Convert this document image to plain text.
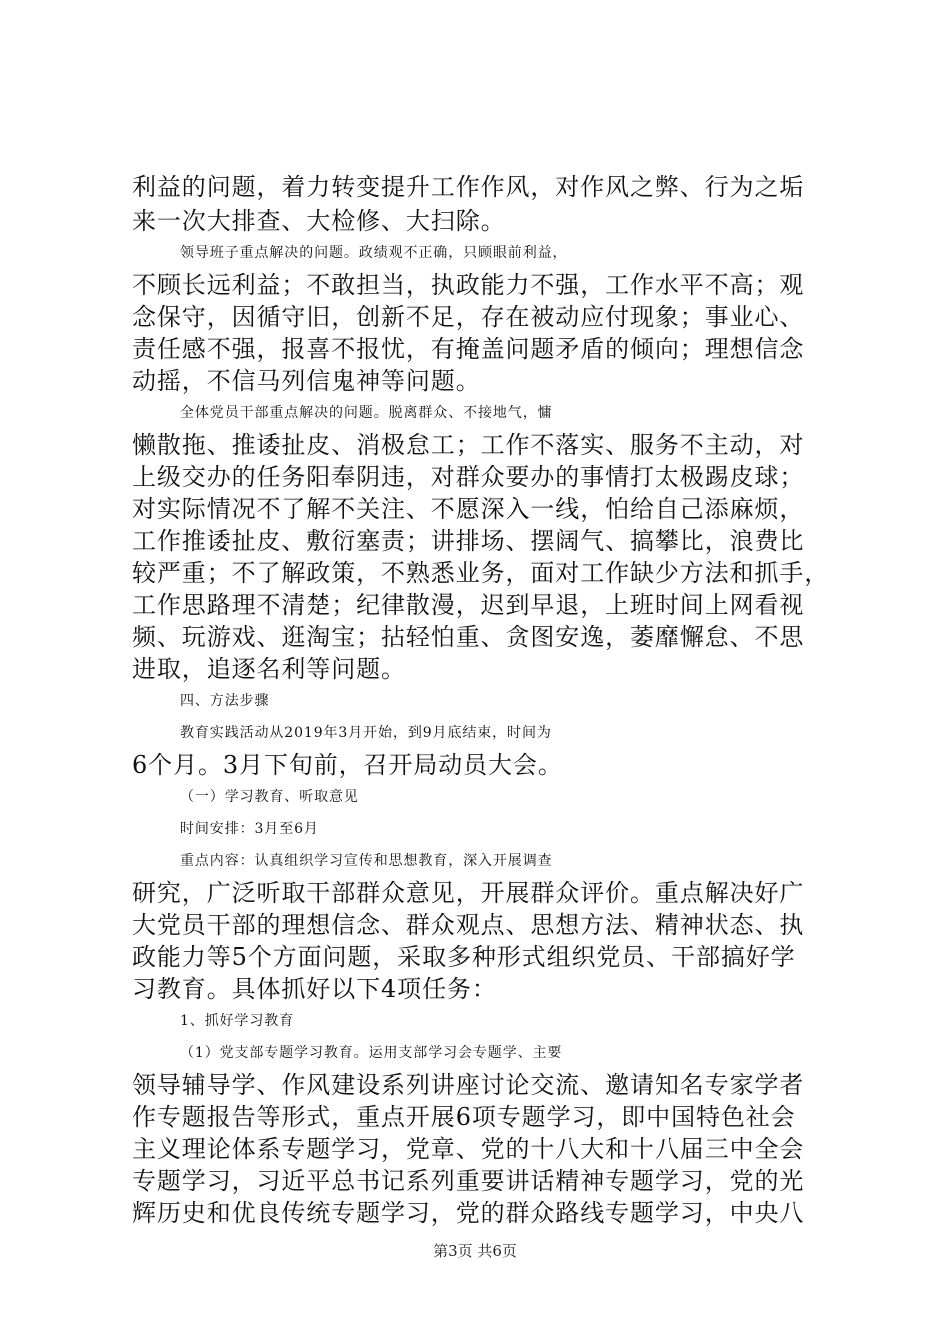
利益的问题，着力转变提升工作作风，对作风之弊、行为之垢
来一次大排查、大检修、大扫除。
领导班子重点解决的问题。政绩观不正确，只顾眼前利益，
不顾长远利益；不敢担当，执政能力不强，工作水平不高；观
念保守，因循守旧，创新不足，存在被动应付现象；事业心、
责任感不强，报喜不报忧，有掩盖问题矛盾的倾向；理想信念
动摇，不信马列信鬼神等问题。
全体党员干部重点解决的问题。脱离群众、不接地气，慵
懒散拖、推诿扯皮、消极怠工；工作不落实、服务不主动，对
上级交办的任务阳奉阴违，对群众要办的事情打太极踢皮球；
对实际情况不了解不关注、不愿深入一线，怕给自己添麻烦，
工作推诿扯皮、敷衍塞责；讲排场、摆阔气、搞攀比，浪费比
较严重；不了解政策，不熟悉业务，面对工作缺少方法和抓手，
工作思路理不清楚；纪律散漫，迟到早退，上班时间上网看视
频、玩游戏、逛淘宝；拈轻怕重、贪图安逸，萎靡懈怠、不思
进取，追逐名利等问题。
四、方法步骤
教育实践活动从2019年3月开始，到9月底结束，时间为
6个月。3月下旬前，召开局动员大会。
（一）学习教育、听取意见
时间安排：3月至6月
重点内容：认真组织学习宣传和思想教育，深入开展调查
研究，广泛听取干部群众意见，开展群众评价。重点解决好广
大党员干部的理想信念、群众观点、思想方法、精神状态、执
政能力等5个方面问题，采取多种形式组织党员、干部搞好学
习教育。具体抓好以下4项任务：
1、抓好学习教育
（1）党支部专题学习教育。运用支部学习会专题学、主要
领导辅导学、作风建设系列讲座讨论交流、邀请知名专家学者
作专题报告等形式，重点开展6项专题学习，即中国特色社会
主义理论体系专题学习，党章、党的十八大和十八届三中全会
专题学习，习近平总书记系列重要讲话精神专题学习，党的光
辉历史和优良传统专题学习，党的群众路线专题学习，中央八
第3页 共6页
